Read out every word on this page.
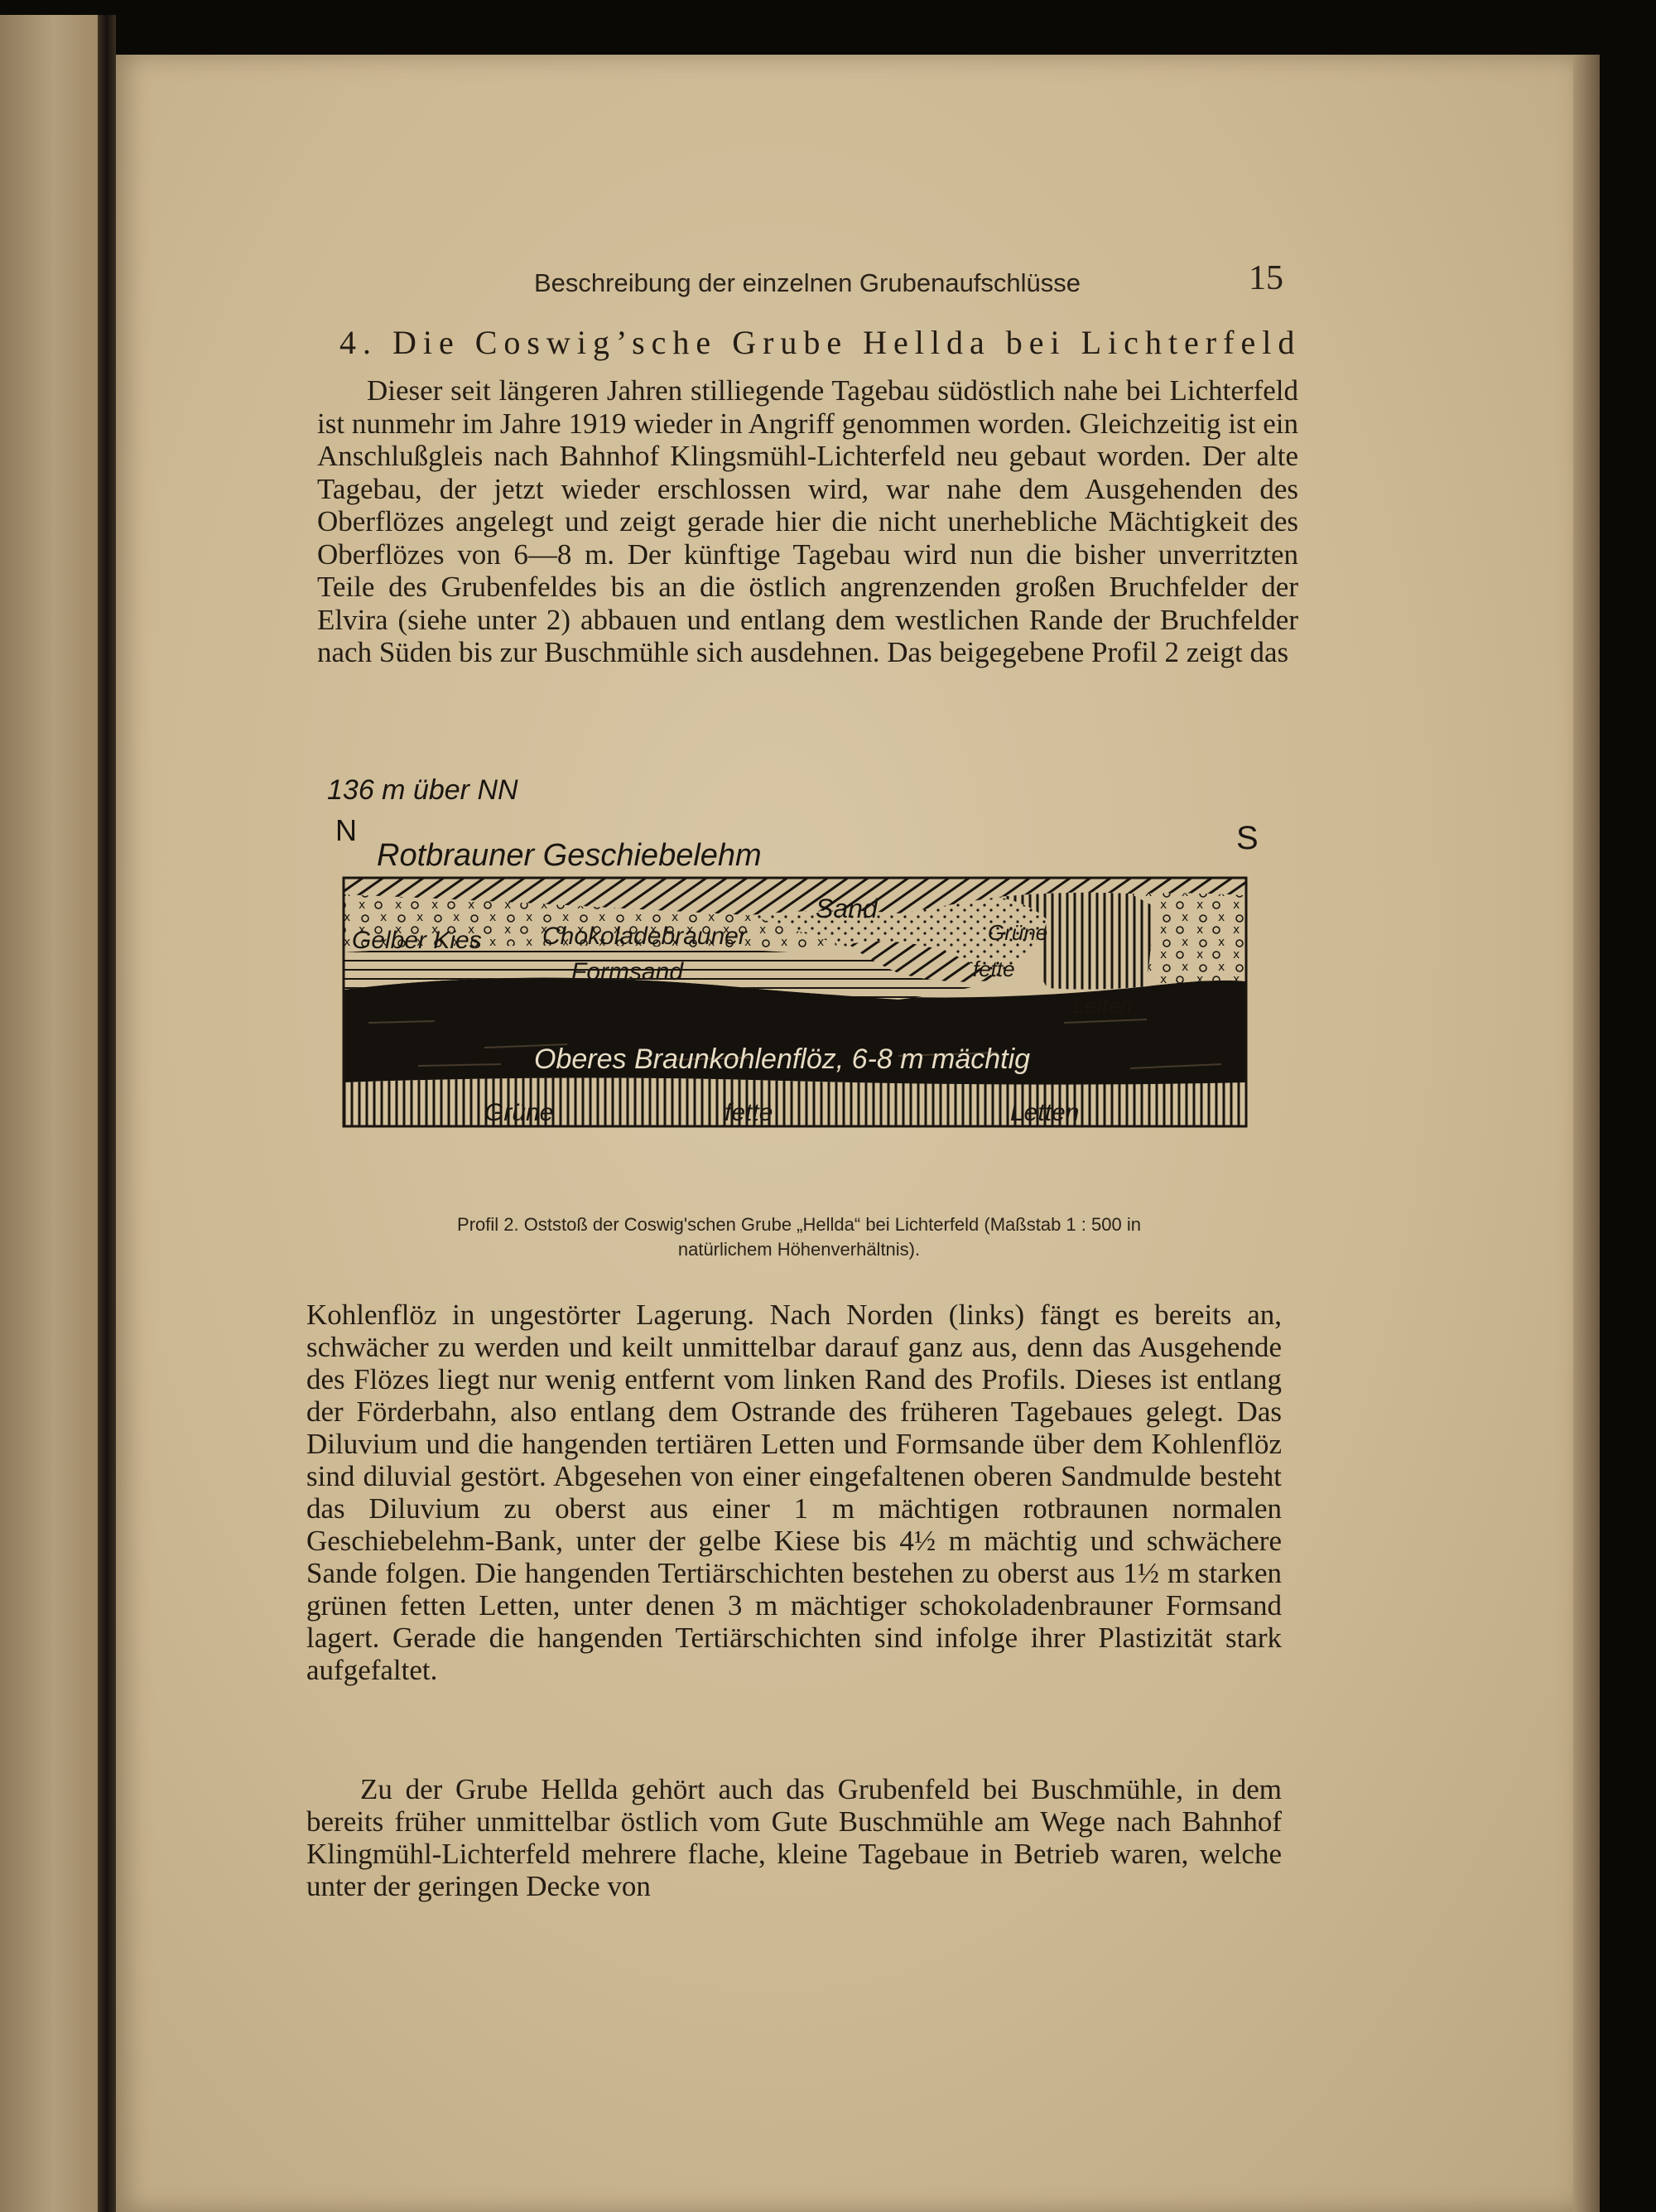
Beschreibung der einzelnen Grubenaufschlüsse	15
4. Die Coswig’sche Grube Hellda bei Lichterfeld

Dieser seit längeren Jahren stilliegende Tagebau südöstlich nahe bei Lichterfeld ist nunmehr im Jahre 1919 wieder in Angriff genommen worden. Gleichzeitig ist ein Anschlußgleis nach Bahnhof Klingsmühl-Lichterfeld neu gebaut worden. Der alte Tagebau, der jetzt wieder erschlossen wird, war nahe dem Ausgehenden des Oberflözes angelegt und zeigt gerade hier die nicht unerhebliche Mächtigkeit des Oberflözes von 6—8 m. Der künftige Tagebau wird nun die bisher unverritzten Teile des Grubenfeldes bis an die östlich angrenzenden großen Bruchfelder der Elvira (siehe unter 2) abbauen und entlang dem westlichen Rande der Bruchfelder nach Süden bis zur Buschmühle sich ausdehnen. Das beigegebene Profil 2 zeigt das

136 m über NN
N	S
Rotbrauner Geschiebelehm
Sand
Gelber Kies Chokoladebrauner
Formsand
Grüne
fette
Letten
Oberes Braunkohlenflöz, 6-8 m mächtig
Grüne	fette	Letten

Profil 2. Oststoß der Coswig'schen Grube „Hellda“ bei Lichterfeld (Maßstab 1 : 500 in
natürlichem Höhenverhältnis).

Kohlenflöz in ungestörter Lagerung. Nach Norden (links) fängt es bereits an, schwächer zu werden und keilt unmittelbar darauf ganz aus, denn das Ausgehende des Flözes liegt nur wenig entfernt vom linken Rand des Profils. Dieses ist entlang der Förderbahn, also entlang dem Ostrande des früheren Tagebaues gelegt. Das Diluvium und die hangenden tertiären Letten und Formsande über dem Kohlenflöz sind diluvial gestört. Abgesehen von einer eingefaltenen oberen Sandmulde besteht das Diluvium zu oberst aus einer 1 m mächtigen rotbraunen normalen Geschiebelehm-Bank, unter der gelbe Kiese bis 4½ m mächtig und schwächere Sande folgen. Die hangenden Tertiärschichten bestehen zu oberst aus 1½ m starken grünen fetten Letten, unter denen 3 m mächtiger schokoladenbrauner Formsand lagert. Gerade die hangenden Tertiärschichten sind infolge ihrer Plastizität stark aufgefaltet.

Zu der Grube Hellda gehört auch das Grubenfeld bei Buschmühle, in dem bereits früher unmittelbar östlich vom Gute Buschmühle am Wege nach Bahnhof Klingmühl-Lichterfeld mehrere flache, kleine Tagebaue in Betrieb waren, welche unter der geringen Decke von
